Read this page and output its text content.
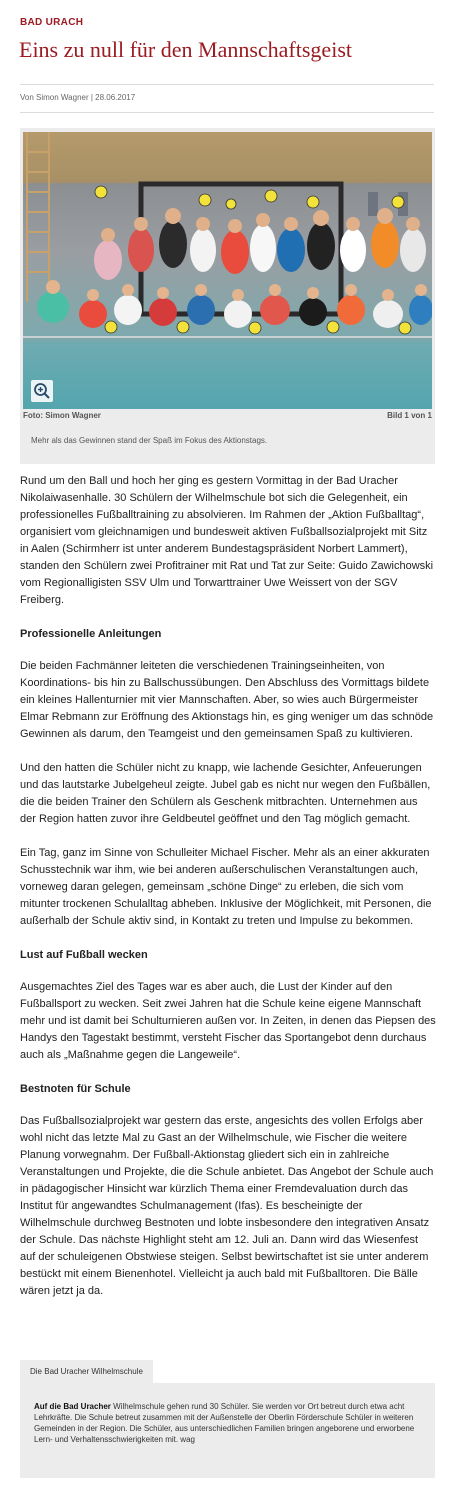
BAD URACH
Eins zu null für den Mannschaftsgeist
Von Simon Wagner | 28.06.2017
Foto: Simon Wagner	Bild 1 von 1
Mehr als das Gewinnen stand der Spaß im Fokus des Aktionstags.

Rund um den Ball und hoch her ging es gestern Vormittag in der Bad Uracher Nikolaiwasenhalle. 30 Schülern der Wilhelmschule bot sich die Gelegenheit, ein professionelles Fußballtraining zu absolvieren. Im Rahmen der „Aktion Fußballtag“, organisiert vom gleichnamigen und bundesweit aktiven Fußballsozialprojekt mit Sitz in Aalen (Schirmherr ist unter anderem Bundestagspräsident Norbert Lammert), standen den Schülern zwei Profitrainer mit Rat und Tat zur Seite: Guido Zawichowski vom Regionalligisten SSV Ulm und Torwarttrainer Uwe Weissert von der SGV Freiberg.

Professionelle Anleitungen

Die beiden Fachmänner leiteten die verschiedenen Trainingseinheiten, von Koordinations- bis hin zu Ballschussübungen. Den Abschluss des Vormittags bildete ein kleines Hallenturnier mit vier Mannschaften. Aber, so wies auch Bürgermeister Elmar Rebmann zur Eröffnung des Aktionstags hin, es ging weniger um das schnöde Gewinnen als darum, den Teamgeist und den gemeinsamen Spaß zu kultivieren.

Und den hatten die Schüler nicht zu knapp, wie lachende Gesichter, Anfeuerungen und das lautstarke Jubelgeheul zeigte. Jubel gab es nicht nur wegen den Fußbällen, die die beiden Trainer den Schülern als Geschenk mitbrachten. Unternehmen aus der Region hatten zuvor ihre Geldbeutel geöffnet und den Tag möglich gemacht.

Ein Tag, ganz im Sinne von Schulleiter Michael Fischer. Mehr als an einer akkuraten Schusstechnik war ihm, wie bei anderen außerschulischen Veranstaltungen auch, vorneweg daran gelegen, gemeinsam „schöne Dinge“ zu erleben, die sich vom mitunter trockenen Schulalltag abheben. Inklusive der Möglichkeit, mit Personen, die außerhalb der Schule aktiv sind, in Kontakt zu treten und Impulse zu bekommen.

Lust auf Fußball wecken

Ausgemachtes Ziel des Tages war es aber auch, die Lust der Kinder auf den Fußballsport zu wecken. Seit zwei Jahren hat die Schule keine eigene Mannschaft mehr und ist damit bei Schulturnieren außen vor. In Zeiten, in denen das Piepsen des Handys den Tagestakt bestimmt, versteht Fischer das Sportangebot denn durchaus auch als „Maßnahme gegen die Langeweile“.

Bestnoten für Schule

Das Fußballsozialprojekt war gestern das erste, angesichts des vollen Erfolgs aber wohl nicht das letzte Mal zu Gast an der Wilhelmschule, wie Fischer die weitere Planung vorwegnahm. Der Fußball-Aktionstag gliedert sich ein in zahlreiche Veranstaltungen und Projekte, die die Schule anbietet. Das Angebot der Schule auch in pädagogischer Hinsicht war kürzlich Thema einer Fremdevaluation durch das Institut für angewandtes Schulmanagement (Ifas). Es bescheinigte der Wilhelmschule durchweg Bestnoten und lobte insbesondere den integrativen Ansatz der Schule. Das nächste Highlight steht am 12. Juli an. Dann wird das Wiesenfest auf der schuleigenen Obstwiese steigen. Selbst bewirtschaftet ist sie unter anderem bestückt mit einem Bienenhotel. Vielleicht ja auch bald mit Fußballtoren. Die Bälle wären jetzt ja da.

Die Bad Uracher Wilhelmschule
Auf die Bad Uracher Wilhelmschule gehen rund 30 Schüler. Sie werden vor Ort betreut durch etwa acht Lehrkräfte. Die Schule betreut zusammen mit der Außenstelle der Oberlin Förderschule Schüler in weiteren Gemeinden in der Region. Die Schüler, aus unterschiedlichen Familien bringen angeborene und erworbene Lern- und Verhaltensschwierigkeiten mit. wag
